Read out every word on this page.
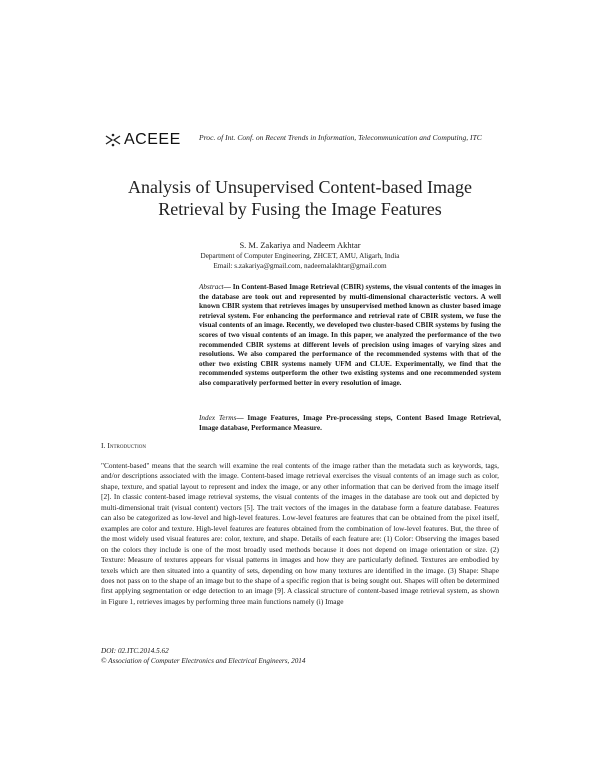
ACEEE Proc. of Int. Conf. on Recent Trends in Information, Telecommunication and Computing, ITC
Analysis of Unsupervised Content-based Image
Retrieval by Fusing the Image Features
S. M. Zakariya and Nadeem Akhtar
Department of Computer Engineering, ZHCET, AMU, Aligarh, India
Email: s.zakariya@gmail.com, nadeemalakhtar@gmail.com
Abstract— In Content-Based Image Retrieval (CBIR) systems, the visual contents of the images in the database are took out and represented by multi-dimensional characteristic vectors. A well known CBIR system that retrieves images by unsupervised method known as cluster based image retrieval system. For enhancing the performance and retrieval rate of CBIR system, we fuse the visual contents of an image. Recently, we developed two cluster-based CBIR systems by fusing the scores of two visual contents of an image. In this paper, we analyzed the performance of the two recommended CBIR systems at different levels of precision using images of varying sizes and resolutions. We also compared the performance of the recommended systems with that of the other two existing CBIR systems namely UFM and CLUE. Experimentally, we find that the recommended systems outperform the other two existing systems and one recommended system also comparatively performed better in every resolution of image.
Index Terms— Image Features, Image Pre-processing steps, Content Based Image Retrieval, Image database, Performance Measure.
I. Introduction

"Content-based" means that the search will examine the real contents of the image rather than the metadata such as keywords, tags, and/or descriptions associated with the image. Content-based image retrieval exercises the visual contents of an image such as color, shape, texture, and spatial layout to represent and index the image, or any other information that can be derived from the image itself [2]. In classic content-based image retrieval systems, the visual contents of the images in the database are took out and depicted by multi-dimensional trait (visual content) vectors [5]. The trait vectors of the images in the database form a feature database. Features can also be categorized as low-level and high-level features. Low-level features are features that can be obtained from the pixel itself, examples are color and texture. High-level features are features obtained from the combination of low-level features. But, the three of the most widely used visual features are: color, texture, and shape. Details of each feature are: (1) Color: Observing the images based on the colors they include is one of the most broadly used methods because it does not depend on image orientation or size. (2) Texture: Measure of textures appears for visual patterns in images and how they are particularly defined. Textures are embodied by texels which are then situated into a quantity of sets, depending on how many textures are identified in the image. (3) Shape: Shape does not pass on to the shape of an image but to the shape of a specific region that is being sought out. Shapes will often be determined first applying segmentation or edge detection to an image [9]. A classical structure of content-based image retrieval system, as shown in Figure 1, retrieves images by performing three main functions namely (i) Image

DOI: 02.ITC.2014.5.62
© Association of Computer Electronics and Electrical Engineers, 2014
